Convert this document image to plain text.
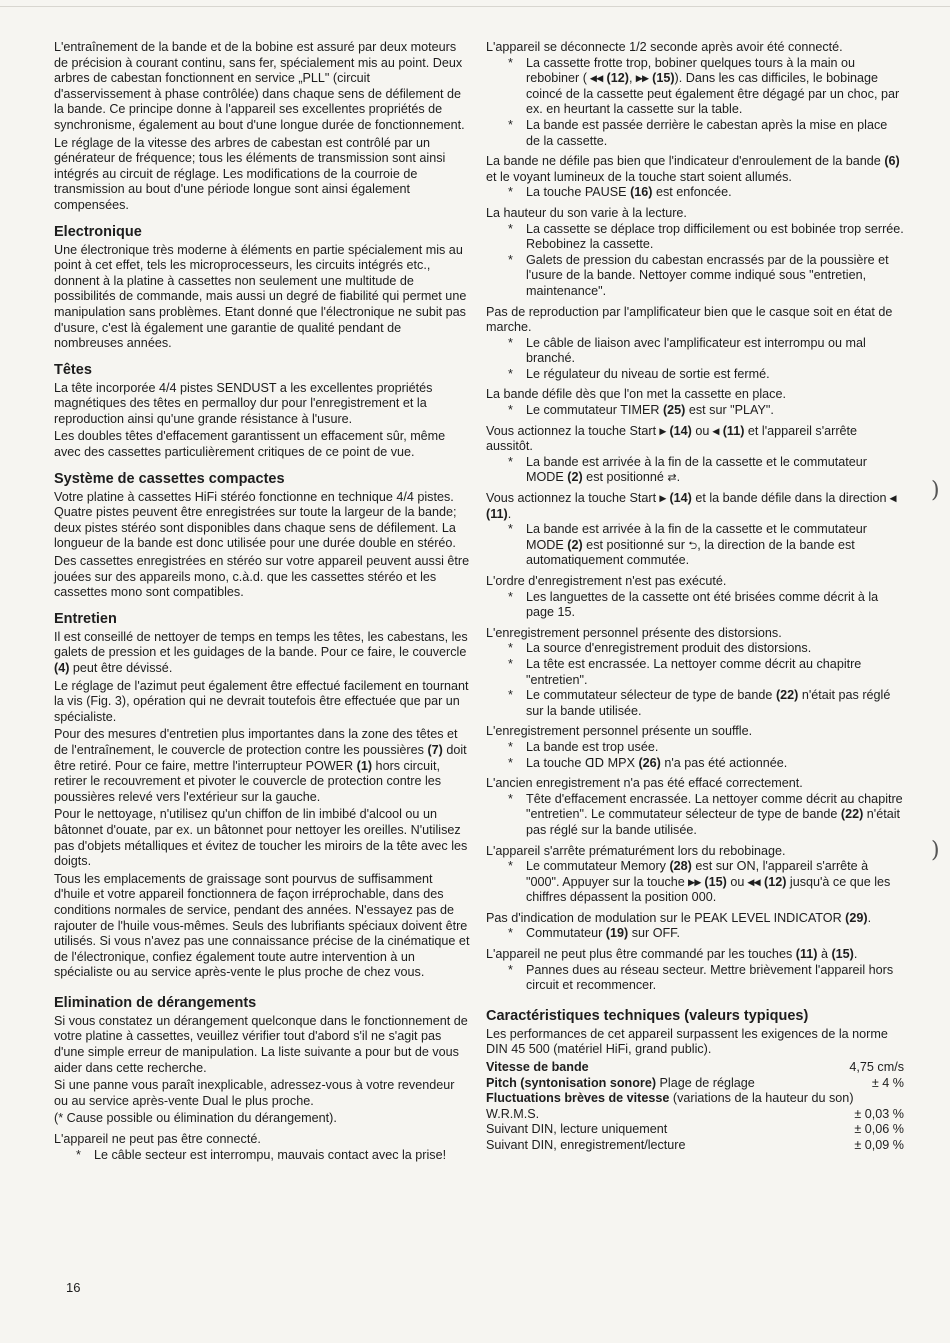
L'entraînement de la bande et de la bobine est assuré par deux moteurs de précision à courant continu, sans fer, spécialement mis au point. Deux arbres de cabestan fonctionnent en service „PLL" (circuit d'asservissement à phase contrôlée) dans chaque sens de défilement de la bande. Ce principe donne à l'appareil ses excellentes propriétés de synchronisme, également au bout d'une longue durée de fonctionnement.

Le réglage de la vitesse des arbres de cabestan est contrôlé par un générateur de fréquence; tous les éléments de transmission sont ainsi intégrés au circuit de réglage. Les modifications de la courroie de transmission au bout d'une période longue sont ainsi également compensées.

Electronique

Une électronique très moderne à éléments en partie spécialement mis au point à cet effet, tels les microprocesseurs, les circuits intégrés etc., donnent à la platine à cassettes non seulement une multitude de possibilités de commande, mais aussi un degré de fiabilité qui permet une manipulation sans problèmes. Etant donné que l'électronique ne subit pas d'usure, c'est là également une garantie de qualité pendant de nombreuses années.

Têtes

La tête incorporée 4/4 pistes SENDUST a les excellentes propriétés magnétiques des têtes en permalloy dur pour l'enregistrement et la reproduction ainsi qu'une grande résistance à l'usure.

Les doubles têtes d'effacement garantissent un effacement sûr, même avec des cassettes particulièrement critiques de ce point de vue.

Système de cassettes compactes

Votre platine à cassettes HiFi stéréo fonctionne en technique 4/4 pistes. Quatre pistes peuvent être enregistrées sur toute la largeur de la bande; deux pistes stéréo sont disponibles dans chaque sens de défilement. La longueur de la bande est donc utilisée pour une durée double en stéréo.

Des cassettes enregistrées en stéréo sur votre appareil peuvent aussi être jouées sur des appareils mono, c.à.d. que les cassettes stéréo et les cassettes mono sont compatibles.

Entretien

Il est conseillé de nettoyer de temps en temps les têtes, les cabestans, les galets de pression et les guidages de la bande. Pour ce faire, le couvercle (4) peut être dévissé.

Le réglage de l'azimut peut également être effectué facilement en tournant la vis (Fig. 3), opération qui ne devrait toutefois être effectuée que par un spécialiste.

Pour des mesures d'entretien plus importantes dans la zone des têtes et de l'entraînement, le couvercle de protection contre les poussières (7) doit être retiré. Pour ce faire, mettre l'interrupteur POWER (1) hors circuit, retirer le recouvrement et pivoter le couvercle de protection contre les poussières relevé vers l'extérieur sur la gauche.

Pour le nettoyage, n'utilisez qu'un chiffon de lin imbibé d'alcool ou un bâtonnet d'ouate, par ex. un bâtonnet pour nettoyer les oreilles. N'utilisez pas d'objets métalliques et évitez de toucher les miroirs de la tête avec les doigts.

Tous les emplacements de graissage sont pourvus de suffisamment d'huile et votre appareil fonctionnera de façon irréprochable, dans des conditions normales de service, pendant des années. N'essayez pas de rajouter de l'huile vous-mêmes. Seuls des lubrifiants spéciaux doivent être utilisés. Si vous n'avez pas une connaissance précise de la cinématique et de l'électronique, confiez également toute autre intervention à un spécialiste ou au service après-vente le plus proche de chez vous.

Elimination de dérangements

Si vous constatez un dérangement quelconque dans le fonctionnement de votre platine à cassettes, veuillez vérifier tout d'abord s'il ne s'agit pas d'une simple erreur de manipulation. La liste suivante a pour but de vous aider dans cette recherche.

Si une panne vous paraît inexplicable, adressez-vous à votre revendeur ou au service après-vente Dual le plus proche.

(* Cause possible ou élimination du dérangement).

L'appareil ne peut pas être connecté.

* Le câble secteur est interrompu, mauvais contact avec la prise!

L'appareil se déconnecte 1/2 seconde après avoir été connecté.

* La cassette frotte trop, bobiner quelques tours à la main ou rebobiner ( ◂◂ (12), ▸▸ (15)). Dans les cas difficiles, le bobinage coincé de la cassette peut également être dégagé par un choc, par ex. en heurtant la cassette sur la table.

* La bande est passée derrière le cabestan après la mise en place de la cassette.

La bande ne défile pas bien que l'indicateur d'enroulement de la bande (6) et le voyant lumineux de la touche start soient allumés.

* La touche PAUSE (16) est enfoncée.

La hauteur du son varie à la lecture.

* La cassette se déplace trop difficilement ou est bobinée trop serrée. Rebobinez la cassette.

* Galets de pression du cabestan encrassés par de la poussière et l'usure de la bande. Nettoyer comme indiqué sous "entretien, maintenance".

Pas de reproduction par l'amplificateur bien que le casque soit en état de marche.

* Le câble de liaison avec l'amplificateur est interrompu ou mal branché.

* Le régulateur du niveau de sortie est fermé.

La bande défile dès que l'on met la cassette en place.

* Le commutateur TIMER (25) est sur "PLAY".

Vous actionnez la touche Start ▸ (14) ou ◂ (11) et l'appareil s'arrête aussitôt.

* La bande est arrivée à la fin de la cassette et le commutateur MODE (2) est positionné ⇄.

Vous actionnez la touche Start ▸ (14) et la bande défile dans la direction ◂ (11).

* La bande est arrivée à la fin de la cassette et le commutateur MODE (2) est positionné sur ⮌, la direction de la bande est automatiquement commutée.

L'ordre d'enregistrement n'est pas exécuté.

* Les languettes de la cassette ont été brisées comme décrit à la page 15.

L'enregistrement personnel présente des distorsions.

* La source d'enregistrement produit des distorsions.

* La tête est encrassée. La nettoyer comme décrit au chapitre "entretien".

* Le commutateur sélecteur de type de bande (22) n'était pas réglé sur la bande utilisée.

L'enregistrement personnel présente un souffle.

* La bande est trop usée.

* La touche ᗡᗞ MPX (26) n'a pas été actionnée.

L'ancien enregistrement n'a pas été effacé correctement.

* Tête d'effacement encrassée. La nettoyer comme décrit au chapitre "entretien". Le commutateur sélecteur de type de bande (22) n'était pas réglé sur la bande utilisée.

L'appareil s'arrête prématurément lors du rebobinage.

* Le commutateur Memory (28) est sur ON, l'appareil s'arrête à "000". Appuyer sur la touche ▸▸ (15) ou ◂◂ (12) jusqu'à ce que les chiffres dépassent la position 000.

Pas d'indication de modulation sur le PEAK LEVEL INDICATOR (29).

* Commutateur (19) sur OFF.

L'appareil ne peut plus être commandé par les touches (11) à (15).

* Pannes dues au réseau secteur. Mettre brièvement l'appareil hors circuit et recommencer.

Caractéristiques techniques (valeurs typiques)

Les performances de cet appareil surpassent les exigences de la norme DIN 45 500 (matériel HiFi, grand public).

Vitesse de bande	4,75 cm/s
Pitch (syntonisation sonore) Plage de réglage	± 4 %
Fluctuations brèves de vitesse (variations de la hauteur du son)
W.R.M.S.	± 0,03 %
Suivant DIN, lecture uniquement	± 0,06 %
Suivant DIN, enregistrement/lecture	± 0,09 %
16
)
)
